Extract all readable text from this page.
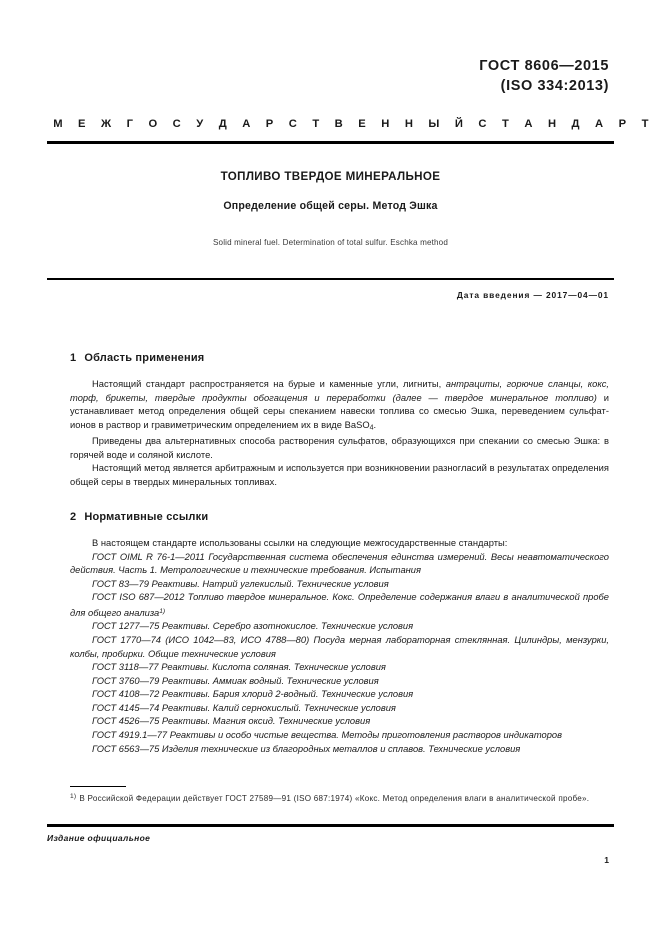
ГОСТ 8606—2015
(ISO 334:2013)
М Е Ж Г О С У Д А Р С Т В Е Н Н Ы Й С Т А Н Д А Р Т
ТОПЛИВО ТВЕРДОЕ МИНЕРАЛЬНОЕ
Определение общей серы. Метод Эшка
Solid mineral fuel. Determination of total sulfur. Eschka method
Дата введения — 2017—04—01
1 Область применения

Настоящий стандарт распространяется на бурые и каменные угли, лигниты, антрациты, горючие сланцы, кокс, торф, брикеты, твердые продукты обогащения и переработки (далее — твердое минеральное топливо) и устанавливает метод определения общей серы спеканием навески топлива со смесью Эшка, переведением сульфат-ионов в раствор и гравиметрическим определением их в виде BaSO$_4$.

Приведены два альтернативных способа растворения сульфатов, образующихся при спекании со смесью Эшка: в горячей воде и соляной кислоте.

Настоящий метод является арбитражным и используется при возникновении разногласий в результатах определения общей серы в твердых минеральных топливах.

2 Нормативные ссылки

В настоящем стандарте использованы ссылки на следующие межгосударственные стандарты:

ГОСТ OIML R 76-1—2011 Государственная система обеспечения единства измерений. Весы неавтоматического действия. Часть 1. Метрологические и технические требования. Испытания

ГОСТ 83—79 Реактивы. Натрий углекислый. Технические условия

ГОСТ ISO 687—2012 Топливо твердое минеральное. Кокс. Определение содержания влаги в аналитической пробе для общего анализа$^{1)}$

ГОСТ 1277—75 Реактивы. Серебро азотнокислое. Технические условия

ГОСТ 1770—74 (ИСО 1042—83, ИСО 4788—80) Посуда мерная лабораторная стеклянная. Цилиндры, мензурки, колбы, пробирки. Общие технические условия

ГОСТ 3118—77 Реактивы. Кислота соляная. Технические условия

ГОСТ 3760—79 Реактивы. Аммиак водный. Технические условия

ГОСТ 4108—72 Реактивы. Бария хлорид 2-водный. Технические условия

ГОСТ 4145—74 Реактивы. Калий сернокислый. Технические условия

ГОСТ 4526—75 Реактивы. Магния оксид. Технические условия

ГОСТ 4919.1—77 Реактивы и особо чистые вещества. Методы приготовления растворов индикаторов

ГОСТ 6563—75 Изделия технические из благородных металлов и сплавов. Технические условия

$^{1)}$ В Российской Федерации действует ГОСТ 27589—91 (ISO 687:1974) «Кокс. Метод определения влаги в аналитической пробе».
Издание официальное
1
